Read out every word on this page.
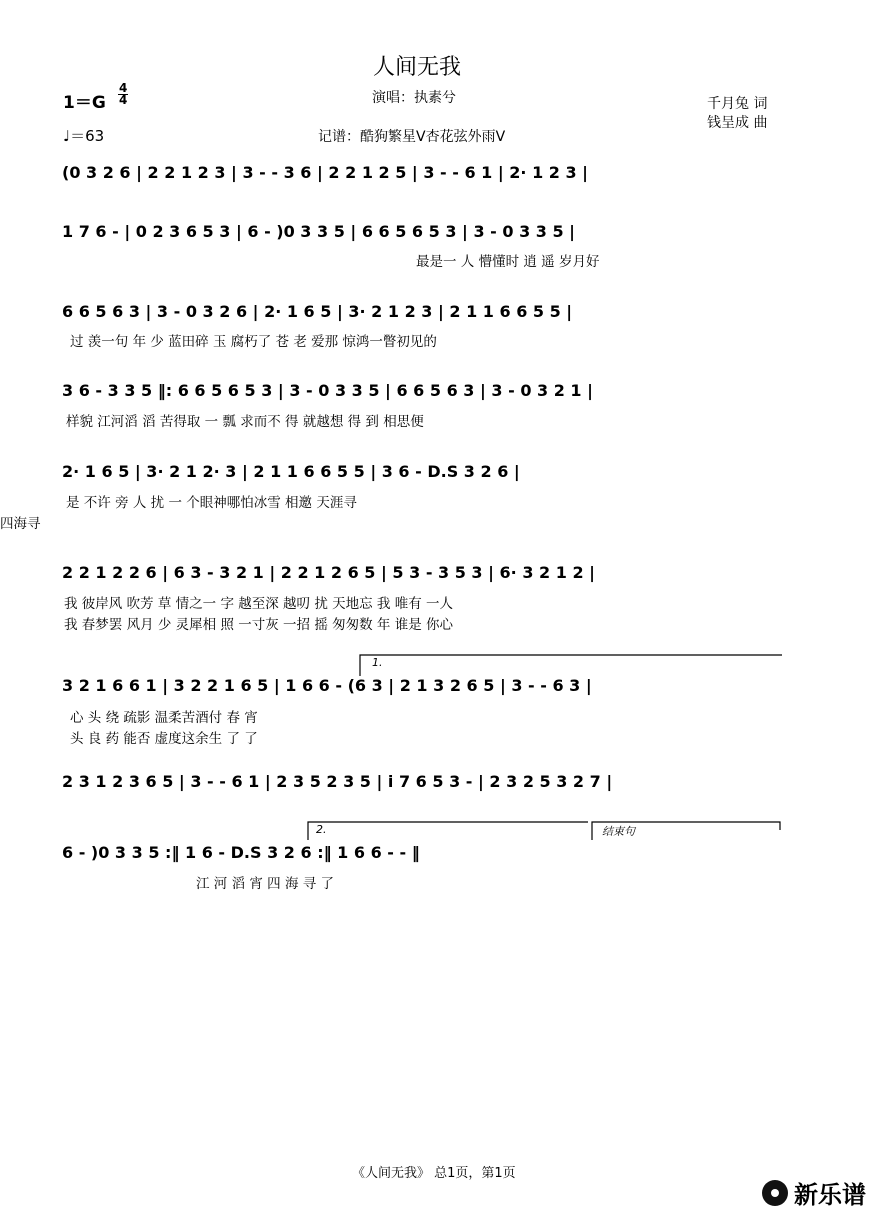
人间无我
演唱：执素兮
1＝G
4
4
♩＝63	记谱：酷狗繁星V杏花弦外雨V
千月兔 词
钱呈成 曲
(0 3 2 6 | 2 2 1 2 3 | 3 - - 3 6 | 2 2 1 2 5 | 3 - - 6 1 | 2· 1 2 3 |
1 7 6 - | 0 2 3 6 5 3 | 6 - )0 3 3 5 | 6 6 5 6 5 3 | 3 - 0 3 3 5 |
最是一 人 懵懂时 逍 遥 岁月好
6 6 5 6 3 | 3 - 0 3 2 6 | 2· 1 6 5 | 3· 2 1 2 3 | 2 1 1 6 6 5 5 |
过 羡一句 年 少 蓝田碎 玉 腐朽了 苍 老 爱那 惊鸿一瞥初见的
3 6 - 3 3 5 ‖: 6 6 5 6 5 3 | 3 - 0 3 3 5 | 6 6 5 6 3 | 3 - 0 3 2 1 |
样貌 江河滔 滔 苦得取 一 瓢 求而不 得 就越想 得 到 相思便
2· 1 6 5 | 3· 2 1 2· 3 | 2 1 1 6 6 5 5 | 3 6 - D.S 3 2 6 |
是 不许 旁 人 扰 一 个眼神哪怕冰雪 相邀 天涯寻
四海寻
2 2 1 2 2 6 | 6 3 - 3 2 1 | 2 2 1 2 6 5 | 5 3 - 3 5 3 | 6· 3 2 1 2 |
我 彼岸风 吹芳 草 情之一 字 越至深 越叨 扰 天地忘 我 唯有 一人
我 春梦罢 风月 少 灵犀相 照 一寸灰 一招 摇 匆匆数 年 谁是 你心
3 2 1 6 6 1 | 3 2 2 1 6 5 | 1 6 6 - (6 3 | 2 1 3 2 6 5 | 3 - - 6 3 |
心 头 绕 疏影 温柔苦酒付 春 宵
头 良 药 能否 虚度这余生 了 了
2 3 1 2 3 6 5 | 3 - - 6 1 | 2 3 5 2 3 5 | i 7 6 5 3 - | 2 3 2 5 3 2 7 |
6 - )0 3 3 5 :‖ 1 6 - D.S 3 2 6 :‖ 1 6 6 - - ‖
江 河 滔 宵 四 海 寻 了
1.
2.	结束句
《人间无我》 总1页，第1页
新乐谱
